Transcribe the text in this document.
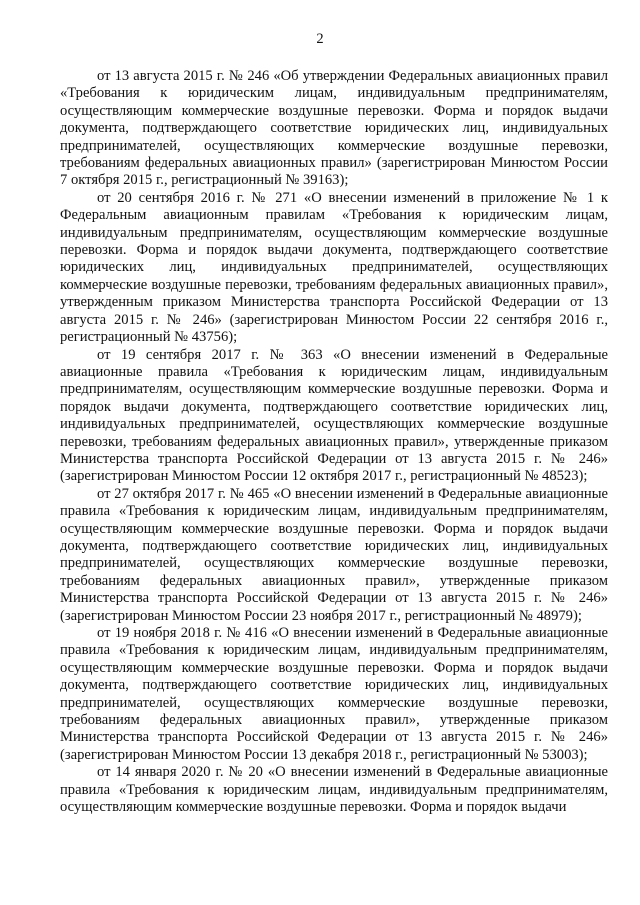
2

от 13 августа 2015 г. № 246 «Об утверждении Федеральных авиационных правил «Требования к юридическим лицам, индивидуальным предпринимателям, осуществляющим коммерческие воздушные перевозки. Форма и порядок выдачи документа, подтверждающего соответствие юридических лиц, индивидуальных предпринимателей, осуществляющих коммерческие воздушные перевозки, требованиям федеральных авиационных правил» (зарегистрирован Минюстом России 7 октября 2015 г., регистрационный № 39163);

от 20 сентября 2016 г. № 271 «О внесении изменений в приложение № 1 к Федеральным авиационным правилам «Требования к юридическим лицам, индивидуальным предпринимателям, осуществляющим коммерческие воздушные перевозки. Форма и порядок выдачи документа, подтверждающего соответствие юридических лиц, индивидуальных предпринимателей, осуществляющих коммерческие воздушные перевозки, требованиям федеральных авиационных правил», утвержденным приказом Министерства транспорта Российской Федерации от 13 августа 2015 г. № 246» (зарегистрирован Минюстом России 22 сентября 2016 г., регистрационный № 43756);

от 19 сентября 2017 г. № 363 «О внесении изменений в Федеральные авиационные правила «Требования к юридическим лицам, индивидуальным предпринимателям, осуществляющим коммерческие воздушные перевозки. Форма и порядок выдачи документа, подтверждающего соответствие юридических лиц, индивидуальных предпринимателей, осуществляющих коммерческие воздушные перевозки, требованиям федеральных авиационных правил», утвержденные приказом Министерства транспорта Российской Федерации от 13 августа 2015 г. № 246» (зарегистрирован Минюстом России 12 октября 2017 г., регистрационный № 48523);

от 27 октября 2017 г. № 465 «О внесении изменений в Федеральные авиационные правила «Требования к юридическим лицам, индивидуальным предпринимателям, осуществляющим коммерческие воздушные перевозки. Форма и порядок выдачи документа, подтверждающего соответствие юридических лиц, индивидуальных предпринимателей, осуществляющих коммерческие воздушные перевозки, требованиям федеральных авиационных правил», утвержденные приказом Министерства транспорта Российской Федерации от 13 августа 2015 г. № 246» (зарегистрирован Минюстом России 23 ноября 2017 г., регистрационный № 48979);

от 19 ноября 2018 г. № 416 «О внесении изменений в Федеральные авиационные правила «Требования к юридическим лицам, индивидуальным предпринимателям, осуществляющим коммерческие воздушные перевозки. Форма и порядок выдачи документа, подтверждающего соответствие юридических лиц, индивидуальных предпринимателей, осуществляющих коммерческие воздушные перевозки, требованиям федеральных авиационных правил», утвержденные приказом Министерства транспорта Российской Федерации от 13 августа 2015 г. № 246» (зарегистрирован Минюстом России 13 декабря 2018 г., регистрационный № 53003);

от 14 января 2020 г. № 20 «О внесении изменений в Федеральные авиационные правила «Требования к юридическим лицам, индивидуальным предпринимателям, осуществляющим коммерческие воздушные перевозки. Форма и порядок выдачи
